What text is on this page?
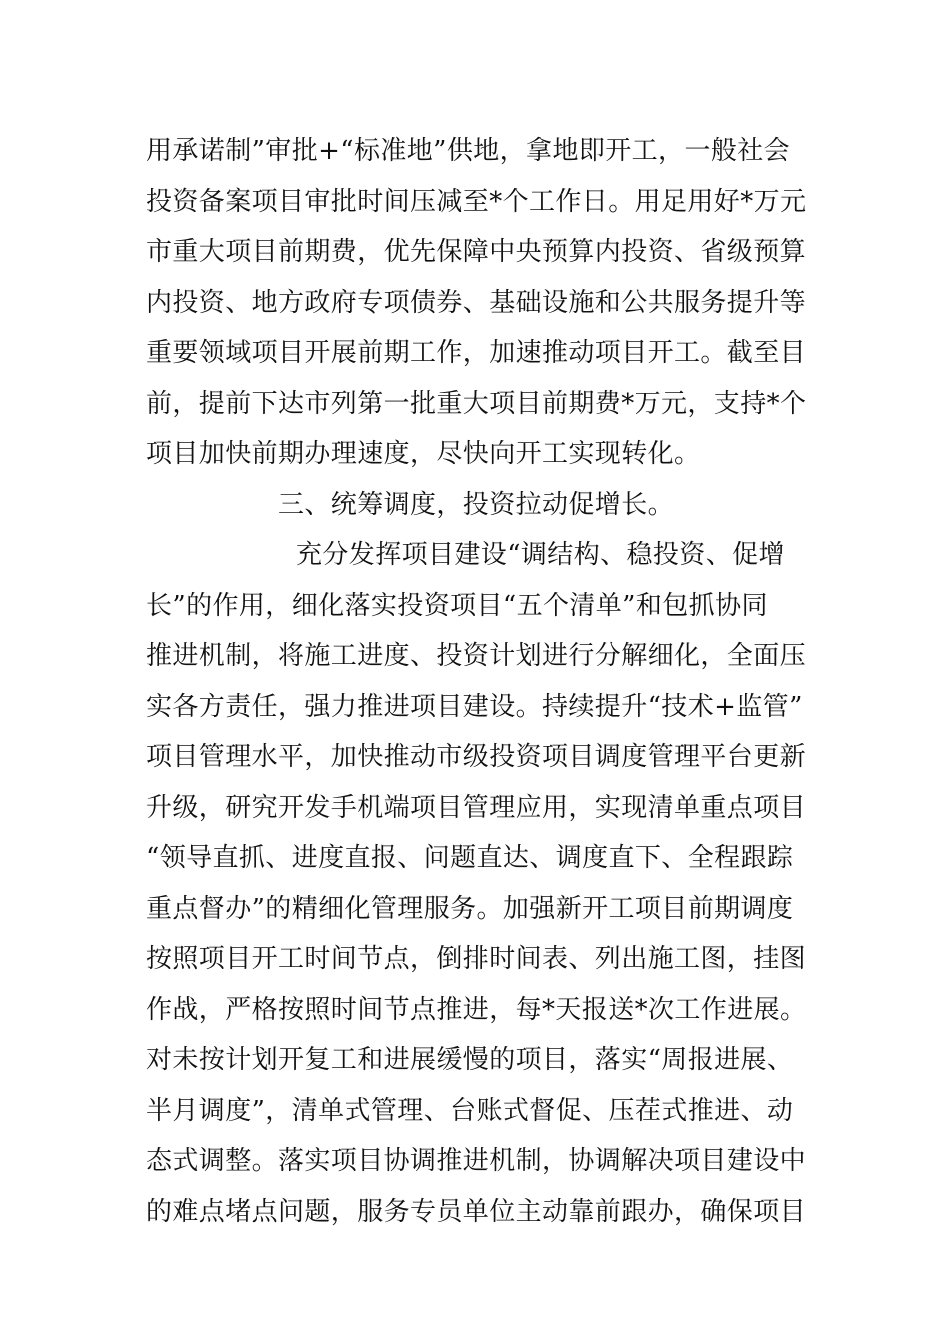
用承诺制”审批+“标准地”供地，拿地即开工，一般社会
投资备案项目审批时间压减至*个工作日。用足用好*万元
市重大项目前期费，优先保障中央预算内投资、省级预算
内投资、地方政府专项债券、基础设施和公共服务提升等
重要领域项目开展前期工作，加速推动项目开工。截至目
前，提前下达市列第一批重大项目前期费*万元，支持*个
项目加快前期办理速度，尽快向开工实现转化。
三、统筹调度，投资拉动促增长。
充分发挥项目建设“调结构、稳投资、促增
长”的作用，细化落实投资项目“五个清单”和包抓协同
推进机制，将施工进度、投资计划进行分解细化，全面压
实各方责任，强力推进项目建设。持续提升“技术+监管”
项目管理水平，加快推动市级投资项目调度管理平台更新
升级，研究开发手机端项目管理应用，实现清单重点项目
“领导直抓、进度直报、问题直达、调度直下、全程跟踪
重点督办”的精细化管理服务。加强新开工项目前期调度
按照项目开工时间节点，倒排时间表、列出施工图，挂图
作战，严格按照时间节点推进，每*天报送*次工作进展。
对未按计划开复工和进展缓慢的项目，落实“周报进展、
半月调度”，清单式管理、台账式督促、压茬式推进、动
态式调整。落实项目协调推进机制，协调解决项目建设中
的难点堵点问题，服务专员单位主动靠前跟办，确保项目
